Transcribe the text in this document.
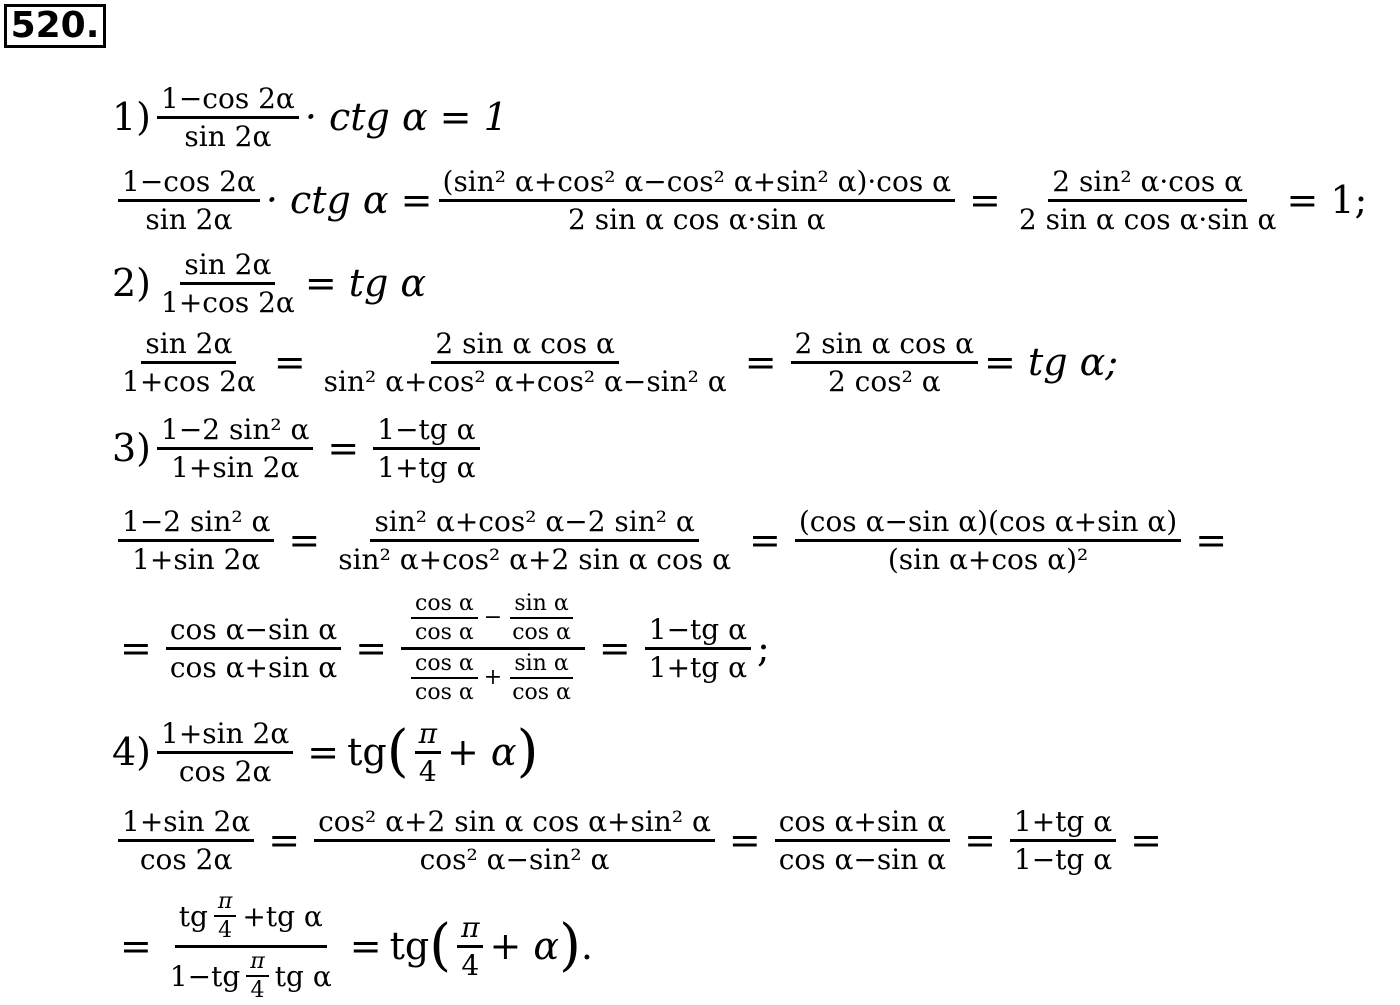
520.
$1) \frac{1-\cos 2\alpha}{\sin 2\alpha}$ · ctg α = 1
$\frac{1-\cos 2\alpha}{\sin 2\alpha}$ · ctg $\alpha = \frac{\text{(sin² α+cos² α−cos² α+sin² α)·cos α}}{\text{2 sin α cos α·sin α}} = \frac{\text{2 sin² α·cos α}}{\text{2 sin α cos α·sin α}} = 1$;
$2) \frac{\sin 2\alpha}{1+\cos 2\alpha}$ = tg α
$\frac{\sin 2\alpha}{1+\cos 2\alpha} = \frac{\text{2 sin α cos α}}{\text{sin² α+cos² α+cos² α−sin² α}} = \frac{\text{2 sin α cos α}}{\text{2 cos² α}}$ = tg α;
$3) \frac{\text{1−2 sin² α}}{1+\sin 2\alpha} = \frac{\text{1−tg α}}{\text{1+tg α}}$
$\frac{\text{1−2 sin² α}}{1+\sin 2\alpha} = \frac{\text{sin² α+cos² α−2 sin² α}}{\text{sin² α+cos² α+2 sin α cos α}} = \frac{\text{(cos α−sin α)(cos α+sin α)}}{\text{(sin α+cos α)²}}$ =
= $\frac{\text{cos α−sin α}}{\text{cos α+sin α}} = \frac{\frac{\text{cos α}}{\text{cos α}} - \frac{\text{sin α}}{\text{cos α}}}{\frac{\text{cos α}}{\text{cos α}} + \frac{\text{sin α}}{\text{cos α}}} = \frac{\text{1−tg α}}{\text{1+tg α}}$ ;
$4) \frac{1+\sin 2\alpha}{\cos 2\alpha}$ = tg ( $\frac{\pi}{4} + \alpha$ )
$\frac{1+\sin 2\alpha}{\cos 2\alpha} = \frac{\text{cos² α+2 sin α cos α+sin² α}}{\text{cos² α−sin² α}} = \frac{\text{cos α+sin α}}{\text{cos α−sin α}} = \frac{\text{1+tg α}}{\text{1−tg α}}$ =
= $\frac{tg \frac{\pi}{4} +tg \alpha}{1-tg \frac{\pi}{4} tg \alpha}$ = tg ( $\frac{\pi}{4} + \alpha$ ) .
